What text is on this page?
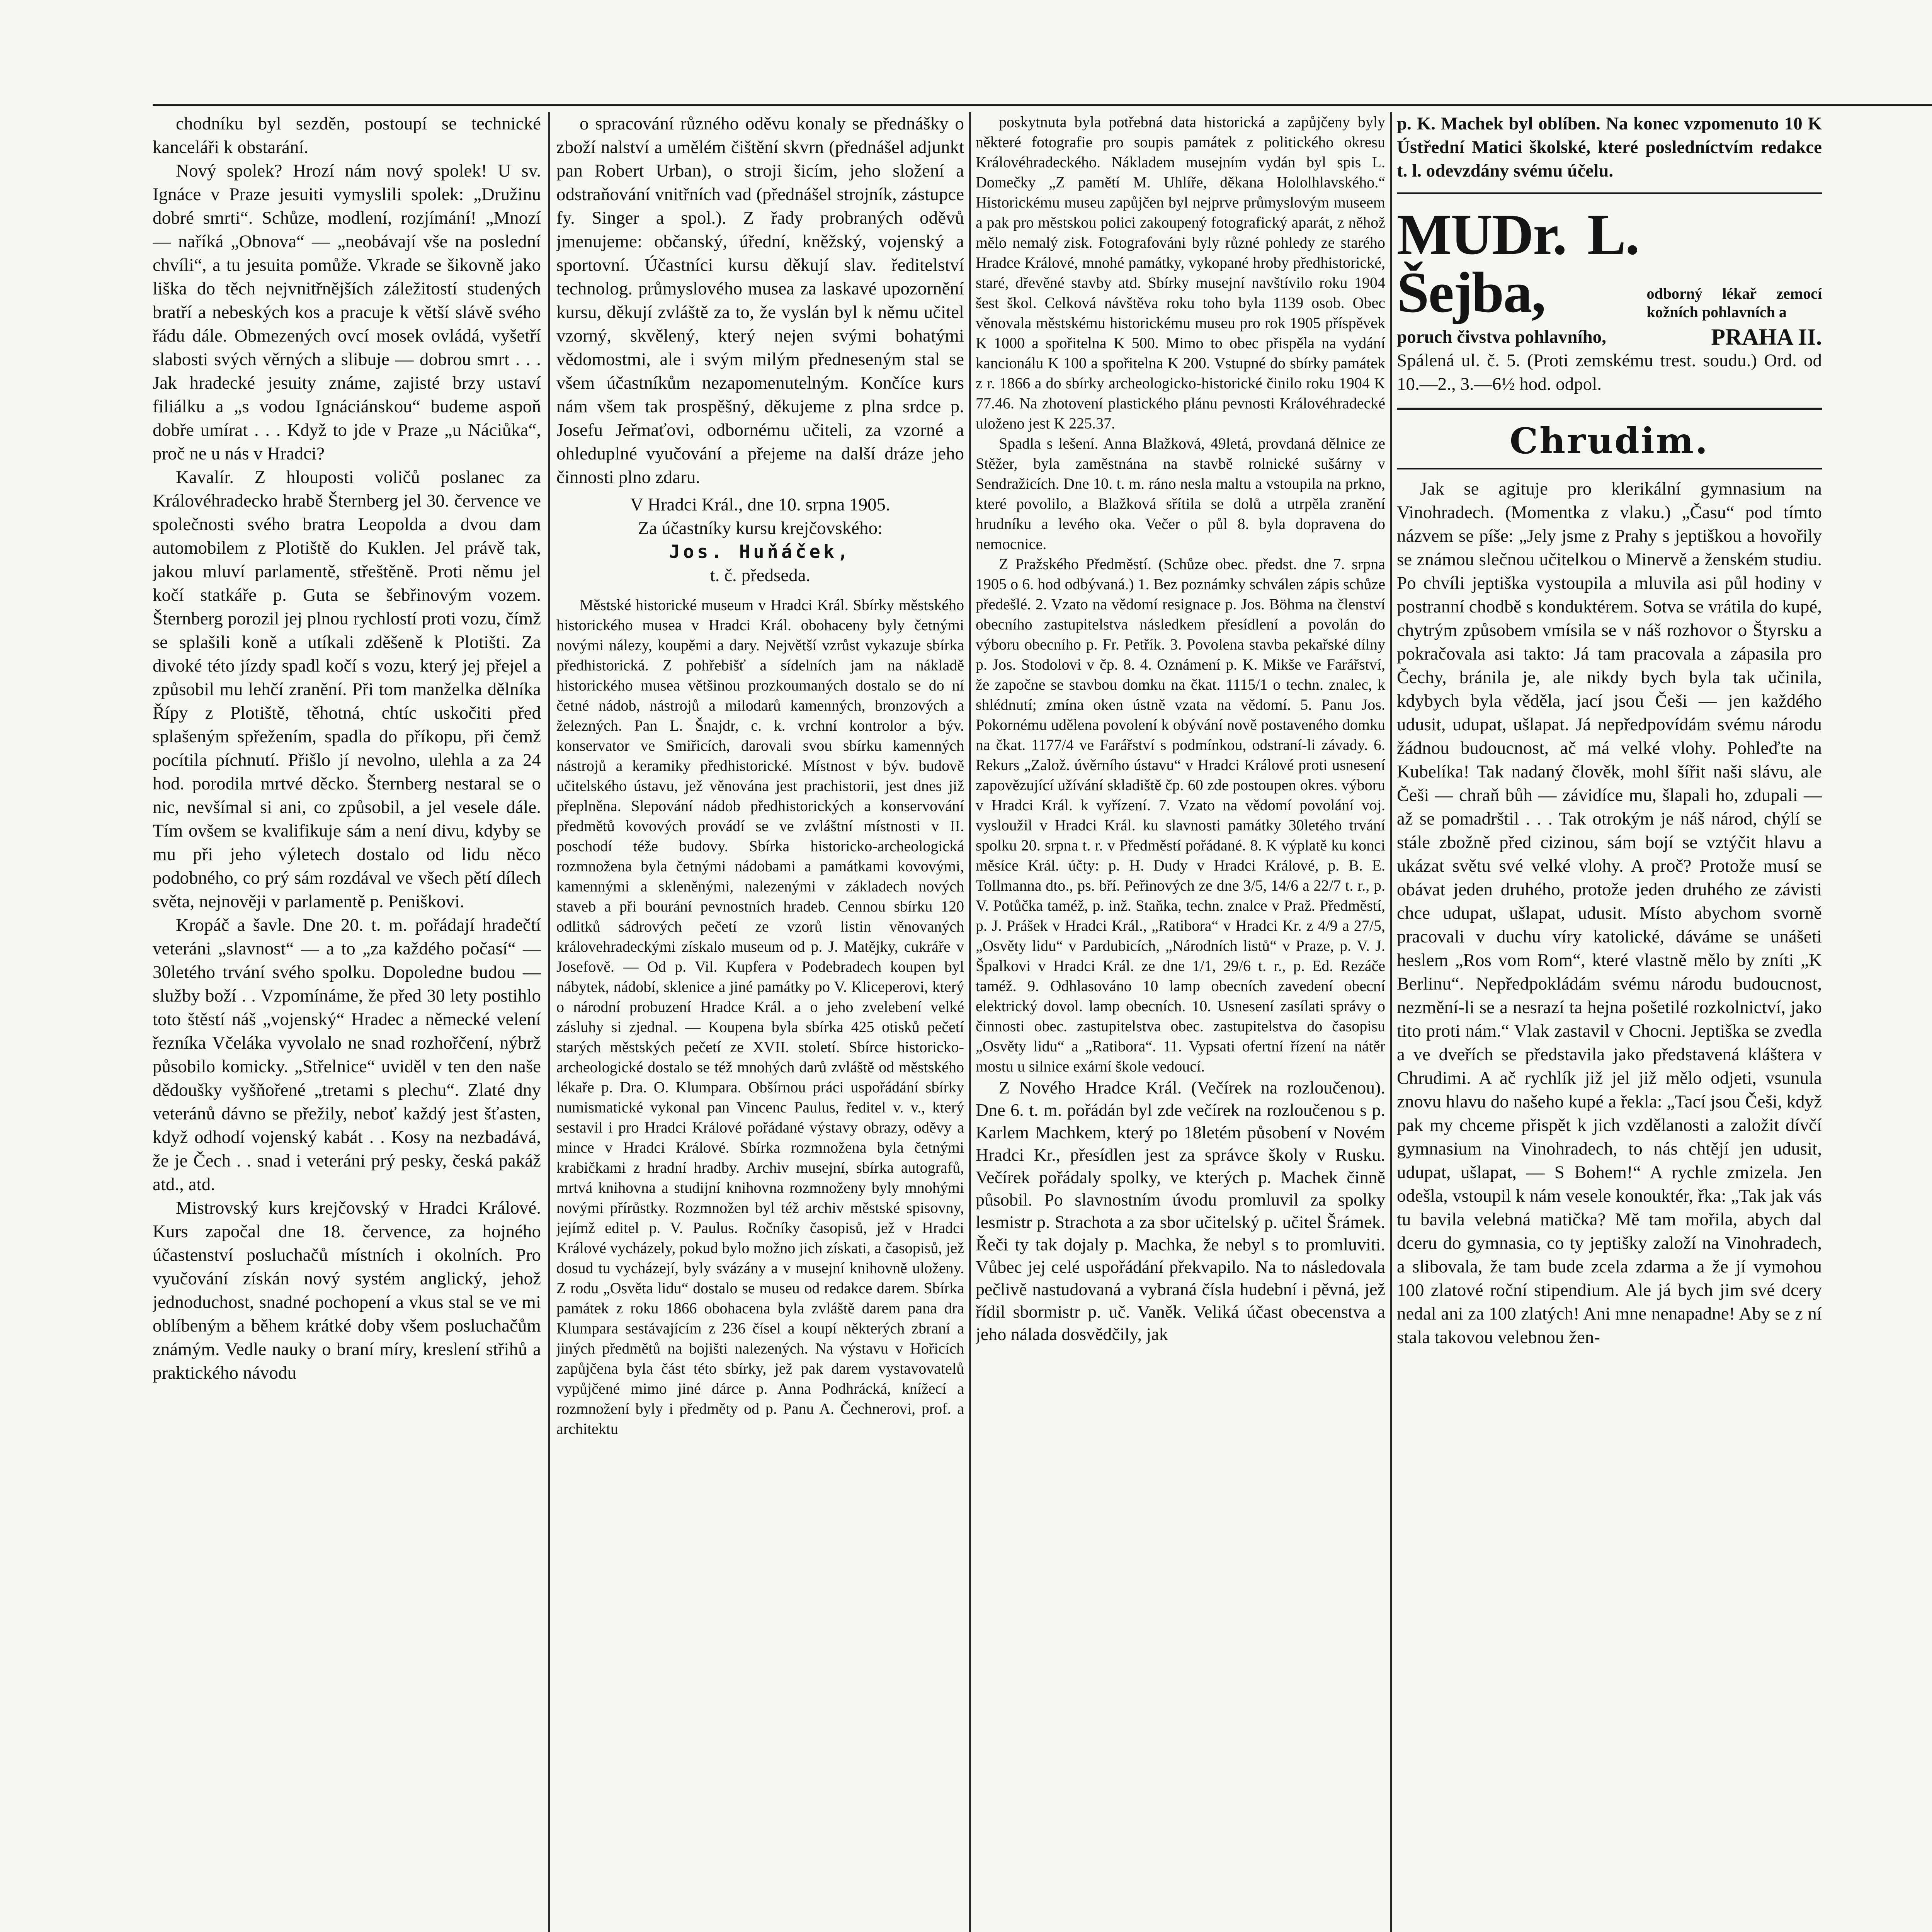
chodníku byl sezděn, postoupí se technické kanceláři k obstarání.

Nový spolek? Hrozí nám nový spolek! U sv. Ignáce v Praze jesuiti vymyslili spolek: „Družinu dobré smrti“. Schůze, modlení, rozjímání! „Mnozí — naříká „Obnova“ — „neobávají vše na poslední chvíli“, a tu jesuita pomůže. Vkrade se šikovně jako liška do těch nejvnitřnějších záležitostí studených bratří a nebeských kos a pracuje k větší slávě svého řádu dále. Obmezených ovcí mosek ovládá, vyšetří slabosti svých věrných a slibuje — dobrou smrt . . . Jak hradecké jesuity známe, zajisté brzy ustaví filiálku a „s vodou Ignáciánskou“ budeme aspoň dobře umírat . . . Když to jde v Praze „u Náciůka“, proč ne u nás v Hradci?

Kavalír. Z hlouposti voličů poslanec za Královéhradecko hrabě Šternberg jel 30. července ve společnosti svého bratra Leopolda a dvou dam automobilem z Plotiště do Kuklen. Jel právě tak, jakou mluví parlamentě, střeštěně. Proti němu jel kočí statkáře p. Guta se šebřinovým vozem. Šternberg porozil jej plnou rychlostí proti vozu, čímž se splašili koně a utíkali zděšeně k Plotišti. Za divoké této jízdy spadl kočí s vozu, který jej přejel a způsobil mu lehčí zranění. Při tom manželka dělníka Řípy z Plotiště, těhotná, chtíc uskočiti před splašeným spřežením, spadla do příkopu, při čemž pocítila píchnutí. Přišlo jí nevolno, ulehla a za 24 hod. porodila mrtvé děcko. Šternberg nestaral se o nic, nevšímal si ani, co způsobil, a jel vesele dále. Tím ovšem se kvalifikuje sám a není divu, kdyby se mu při jeho výletech dostalo od lidu něco podobného, co prý sám rozdával ve všech pětí dílech světa, nejnověji v parlamentě p. Peniškovi.

Kropáč a šavle. Dne 20. t. m. pořádají hradečtí veteráni „slavnost“ — a to „za každého počasí“ — 30letého trvání svého spolku. Dopoledne budou — služby boží . . Vzpomínáme, že před 30 lety postihlo toto štěstí náš „vojenský“ Hradec a německé velení řezníka Včeláka vyvolalo ne snad rozhořčení, nýbrž působilo komicky. „Střelnice“ uviděl v ten den naše dědoušky vyšňořené „tretami s plechu“. Zlaté dny veteránů dávno se přežily, neboť každý jest šťasten, když odhodí vojenský kabát . . Kosy na nezbadává, že je Čech . . snad i veteráni prý pesky, česká pakáž atd., atd.

Mistrovský kurs krejčovský v Hradci Králové. Kurs započal dne 18. července, za hojného účastenství posluchačů místních i okolních. Pro vyučování získán nový systém anglický, jehož jednoduchost, snadné pochopení a vkus stal se ve mi oblíbeným a během krátké doby všem posluchačům známým. Vedle nauky o braní míry, kreslení střihů a praktického návodu

o spracování různého oděvu konaly se přednášky o zboží nalství a umělém čištění skvrn (přednášel adjunkt pan Robert Urban), o stroji šicím, jeho složení a odstraňování vnitřních vad (přednášel strojník, zástupce fy. Singer a spol.). Z řady probraných oděvů jmenujeme: občanský, úřední, kněžský, vojenský a sportovní. Účastníci kursu děkují slav. ředitelství technolog. průmyslového musea za laskavé upozornění kursu, děkují zvláště za to, že vyslán byl k němu učitel vzorný, skvělený, který nejen svými bohatými vědomostmi, ale i svým milým předneseným stal se všem účastníkům nezapomenutelným. Končíce kurs nám všem tak prospěšný, děkujeme z plna srdce p. Josefu Jeřmaťovi, odbornému učiteli, za vzorné a ohleduplné vyučování a přejeme na další dráze jeho činnosti plno zdaru.

V Hradci Král., dne 10. srpna 1905.

Za účastníky kursu krejčovského:

Jos. Huňáček,

t. č. předseda.

Městské historické museum v Hradci Král. Sbírky městského historického musea v Hradci Král. obohaceny byly četnými novými nálezy, koupěmi a dary. Největší vzrůst vykazuje sbírka předhistorická. Z pohřebišť a sídelních jam na nákladě historického musea většinou prozkoumaných dostalo se do ní četné nádob, nástrojů a milodarů kamenných, bronzových a železných. Pan L. Šnajdr, c. k. vrchní kontrolor a býv. konservator ve Smiřicích, darovali svou sbírku kamenných nástrojů a keramiky předhistorické. Místnost v býv. budově učitelského ústavu, jež věnována jest prachistorii, jest dnes již přeplněna. Slepování nádob předhistorických a konservování předmětů kovových provádí se ve zvláštní místnosti v II. poschodí téže budovy. Sbírka historicko-archeologická rozmnožena byla četnými nádobami a památkami kovovými, kamennými a skleněnými, nalezenými v základech nových staveb a při bourání pevnostních hradeb. Cennou sbírku 120 odlitků sádrových pečetí ze vzorů listin věnovaných královehradeckými získalo museum od p. J. Matějky, cukráře v Josefově. — Od p. Vil. Kupfera v Podebradech koupen byl nábytek, nádobí, sklenice a jiné památky po V. Kliceperovi, který o národní probuzení Hradce Král. a o jeho zvelebení velké zásluhy si zjednal. — Koupena byla sbírka 425 otisků pečetí starých městských pečetí ze XVII. století. Sbírce historicko-archeologické dostalo se též mnohých darů zvláště od městského lékaře p. Dra. O. Klumpara. Obšírnou práci uspořádání sbírky numismatické vykonal pan Vincenc Paulus, ředitel v. v., který sestavil i pro Hradci Králové pořádané výstavy obrazy, oděvy a mince v Hradci Králové. Sbírka rozmnožena byla četnými krabičkami z hradní hradby. Archiv musejní, sbírka autografů, mrtvá knihovna a studijní knihovna rozmnoženy byly mnohými novými přírůstky. Rozmnožen byl též archiv městské spisovny, jejímž editel p. V. Paulus. Ročníky časopisů, jež v Hradci Králové vycházely, pokud bylo možno jich získati, a časopisů, jež dosud tu vycházejí, byly svázány a v musejní knihovně uloženy. Z rodu „Osvěta lidu“ dostalo se museu od redakce darem. Sbírka památek z roku 1866 obohacena byla zvláště darem pana dra Klumpara sestávajícím z 236 čísel a koupí některých zbraní a jiných předmětů na bojišti nalezených. Na výstavu v Hořicích zapůjčena byla část této sbírky, jež pak darem vystavovatelů vypůjčené mimo jiné dárce p. Anna Podhrácká, knížecí a rozmnožení byly i předměty od p. Panu A. Čechnerovi, prof. a architektu

poskytnuta byla potřebná data historická a zapůjčeny byly některé fotografie pro soupis památek z politického okresu Královéhradeckého. Nákladem musejním vydán byl spis L. Domečky „Z pamětí M. Uhlíře, děkana Hololhlavského.“ Historickému museu zapůjčen byl nejprve průmyslovým museem a pak pro městskou polici zakoupený fotografický aparát, z něhož mělo nemalý zisk. Fotografováni byly různé pohledy ze starého Hradce Králové, mnohé památky, vykopané hroby předhistorické, staré, dřevěné stavby atd. Sbírky musejní navštívilo roku 1904 šest škol. Celková návštěva roku toho byla 1139 osob. Obec věnovala městskému historickému museu pro rok 1905 příspěvek K 1000 a spořitelna K 500. Mimo to obec přispěla na vydání kancionálu K 100 a spořitelna K 200. Vstupné do sbírky památek z r. 1866 a do sbírky archeologicko-historické činilo roku 1904 K 77.46. Na zhotovení plastického plánu pevnosti Královéhradecké uloženo jest K 225.37.

Spadla s lešení. Anna Blažková, 49letá, provdaná dělnice ze Stěžer, byla zaměstnána na stavbě rolnické sušárny v Sendražicích. Dne 10. t. m. ráno nesla maltu a vstoupila na prkno, které povolilo, a Blažková sřítila se dolů a utrpěla zranění hrudníku a levého oka. Večer o půl 8. byla dopravena do nemocnice.

Z Pražského Předměstí. (Schůze obec. předst. dne 7. srpna 1905 o 6. hod odbývaná.) 1. Bez poznámky schválen zápis schůze předešlé. 2. Vzato na vědomí resignace p. Jos. Böhma na členství obecního zastupitelstva následkem přesídlení a povolán do výboru obecního p. Fr. Petřík. 3. Povolena stavba pekařské dílny p. Jos. Stodolovi v čp. 8. 4. Oznámení p. K. Mikše ve Farářství, že započne se stavbou domku na čkat. 1115/1 o techn. znalec, k shlédnutí; zmína oken ústně vzata na vědomí. 5. Panu Jos. Pokornému udělena povolení k obývání nově postaveného domku na čkat. 1177/4 ve Farářství s podmínkou, odstraní-li závady. 6. Rekurs „Založ. úvěrního ústavu“ v Hradci Králové proti usnesení zapovězující užívání skladiště čp. 60 zde postoupen okres. výboru v Hradci Král. k vyřízení. 7. Vzato na vědomí povolání voj. vysloužil v Hradci Král. ku slavnosti památky 30letého trvání spolku 20. srpna t. r. v Předměstí pořádané. 8. K výplatě ku konci měsíce Král. účty: p. H. Dudy v Hradci Králové, p. B. E. Tollmanna dto., ps. bří. Peřinových ze dne 3/5, 14/6 a 22/7 t. r., p. V. Potůčka taméž, p. inž. Staňka, techn. znalce v Praž. Předměstí, p. J. Prášek v Hradci Král., „Ratibora“ v Hradci Kr. z 4/9 a 27/5, „Osvěty lidu“ v Pardubicích, „Národních listů“ v Praze, p. V. J. Špalkovi v Hradci Král. ze dne 1/1, 29/6 t. r., p. Ed. Rezáče taméž. 9. Odhlasováno 10 lamp obecních zavedení obecní elektrický dovol. lamp obecních. 10. Usnesení zasílati správy o činnosti obec. zastupitelstva obec. zastupitelstva do časopisu „Osvěty lidu“ a „Ratibora“. 11. Vypsati ofertní řízení na nátěr mostu u silnice exární škole vedoucí.

Z Nového Hradce Král. (Večírek na rozloučenou). Dne 6. t. m. pořádán byl zde večírek na rozloučenou s p. Karlem Machkem, který po 18letém působení v Novém Hradci Kr., přesídlen jest za správce školy v Rusku. Večírek pořádaly spolky, ve kterých p. Machek činně působil. Po slavnostním úvodu promluvil za spolky lesmistr p. Strachota a za sbor učitelský p. učitel Šrámek. Řeči ty tak dojaly p. Machka, že nebyl s to promluviti. Vůbec jej celé uspořádání překvapilo. Na to následovala pečlivě nastudovaná a vybraná čísla hudební i pěvná, jež řídil sbormistr p. uč. Vaněk. Veliká účast obecenstva a jeho nálada dosvědčily, jak

p. K. Machek byl oblíben. Na konec vzpomenuto 10 K Ústřední Matici školské, které posledníctvím redakce t. l. odevzdány svému účelu.

MUDr. L. Šejba,	odborný lékař zemocí kožních pohlavních a
poruch čivstva pohlavního,	PRAHA II.

Spálená ul. č. 5. (Proti zemskému trest. soudu.) Ord. od 10.—2., 3.—6½ hod. odpol.

Chrudim.

Jak se agituje pro klerikální gymnasium na Vinohradech. (Momentka z vlaku.) „Času“ pod tímto názvem se píše: „Jely jsme z Prahy s jeptiškou a hovořily se známou slečnou učitelkou o Minervě a ženském studiu. Po chvíli jeptiška vystoupila a mluvila asi půl hodiny v postranní chodbě s konduktérem. Sotva se vrátila do kupé, chytrým způsobem vmísila se v náš rozhovor o Štyrsku a pokračovala asi takto: Já tam pracovala a zápasila pro Čechy, bránila je, ale nikdy bych byla tak učinila, kdybych byla věděla, jací jsou Češi — jen každého udusit, udupat, ušlapat. Já nepředpovídám svému národu žádnou budoucnost, ač má velké vlohy. Pohleďte na Kubelíka! Tak nadaný člověk, mohl šířit naši slávu, ale Češi — chraň bůh — závidíce mu, šlapali ho, zdupali — až se pomadrštil . . . Tak otrokým je náš národ, chýlí se stále zbožně před cizinou, sám bojí se vztýčit hlavu a ukázat světu své velké vlohy. A proč? Protože musí se obávat jeden druhého, protože jeden druhého ze závisti chce udupat, ušlapat, udusit. Místo abychom svorně pracovali v duchu víry katolické, dáváme se unášeti heslem „Ros vom Rom“, které vlastně mělo by zníti „K Berlinu“. Nepředpokládám svému národu budoucnost, nezmění-li se a nesrazí ta hejna pošetilé rozkolnictví, jako tito proti nám.“ Vlak zastavil v Chocni. Jeptiška se zvedla a ve dveřích se představila jako představená kláštera v Chrudimi. A ač rychlík již jel již mělo odjeti, vsunula znovu hlavu do našeho kupé a řekla: „Tací jsou Češi, když pak my chceme přispět k jich vzdělanosti a založit dívčí gymnasium na Vinohradech, to nás chtějí jen udusit, udupat, ušlapat, — S Bohem!“ A rychle zmizela. Jen odešla, vstoupil k nám vesele konouktér, řka: „Tak jak vás tu bavila velebná matička? Mě tam mořila, abych dal dceru do gymnasia, co ty jeptišky založí na Vinohradech, a slibovala, že tam bude zcela zdarma a že jí vymohou 100 zlatové roční stipendium. Ale já bych jim své dcery nedal ani za 100 zlatých! Ani mne nenapadne! Aby se z ní stala takovou velebnou žen-
